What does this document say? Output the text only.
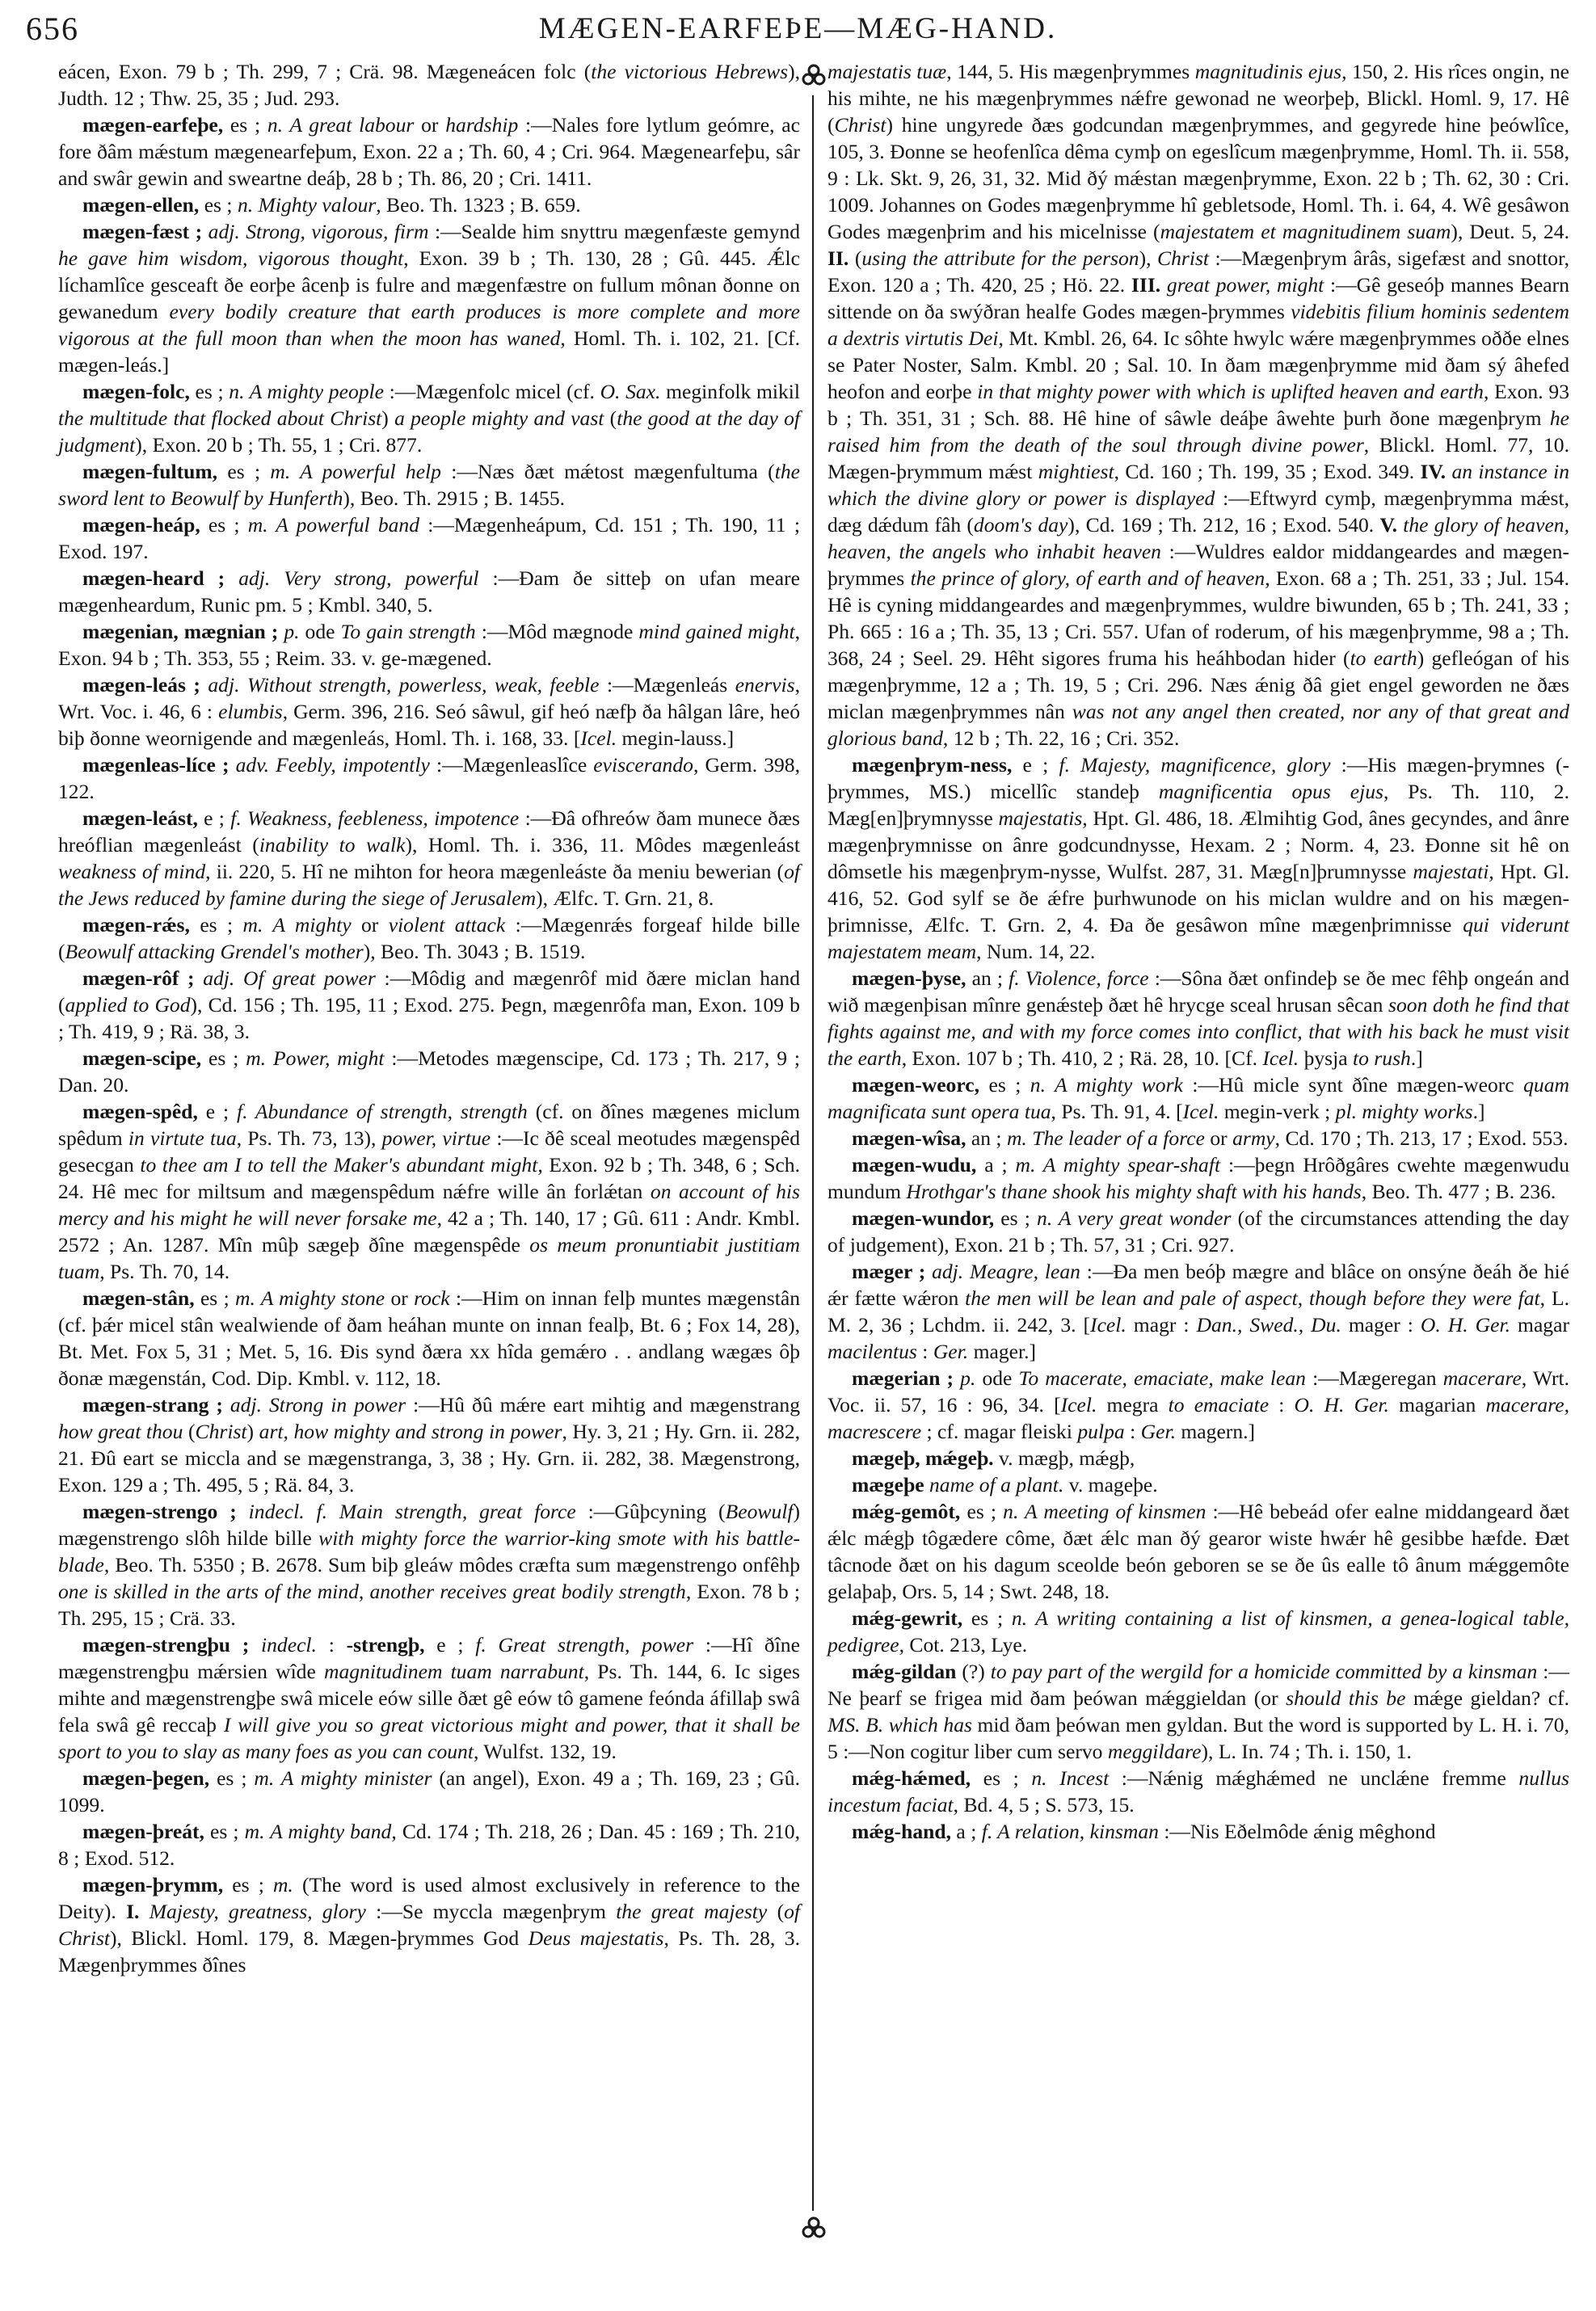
656	MÆGEN-EARFEÞE—MÆG-HAND.

eácen, Exon. 79 b ; Th. 299, 7 ; Crä. 98. Mægeneácen folc (the victorious Hebrews), Judth. 12 ; Thw. 25, 35 ; Jud. 293.

mægen-earfeþe, es ; n. A great labour or hardship :—Nales fore lytlum geómre, ac fore ðâm mǽstum mægenearfeþum, Exon. 22 a ; Th. 60, 4 ; Cri. 964. Mægenearfeþu, sâr and swâr gewin and sweartne deáþ, 28 b ; Th. 86, 20 ; Cri. 1411.

mægen-ellen, es ; n. Mighty valour, Beo. Th. 1323 ; B. 659.

mægen-fæst ; adj. Strong, vigorous, firm :—Sealde him snyttru mægenfæste gemynd he gave him wisdom, vigorous thought, Exon. 39 b ; Th. 130, 28 ; Gû. 445. Ǽlc líchamlîce gesceaft ðe eorþe âcenþ is fulre and mægenfæstre on fullum mônan ðonne on gewanedum every bodily creature that earth produces is more complete and more vigorous at the full moon than when the moon has waned, Homl. Th. i. 102, 21. [Cf. mægen-leás.]

mægen-folc, es ; n. A mighty people :—Mægenfolc micel (cf. O. Sax. meginfolk mikil the multitude that flocked about Christ) a people mighty and vast (the good at the day of judgment), Exon. 20 b ; Th. 55, 1 ; Cri. 877.

mægen-fultum, es ; m. A powerful help :—Næs ðæt mǽtost mægenfultuma (the sword lent to Beowulf by Hunferth), Beo. Th. 2915 ; B. 1455.

mægen-heáp, es ; m. A powerful band :—Mægenheápum, Cd. 151 ; Th. 190, 11 ; Exod. 197.

mægen-heard ; adj. Very strong, powerful :—Ðam ðe sitteþ on ufan meare mægenheardum, Runic pm. 5 ; Kmbl. 340, 5.

mægenian, mægnian ; p. ode To gain strength :—Môd mægnode mind gained might, Exon. 94 b ; Th. 353, 55 ; Reim. 33. v. ge-mægened.

mægen-leás ; adj. Without strength, powerless, weak, feeble :—Mægenleás enervis, Wrt. Voc. i. 46, 6 : elumbis, Germ. 396, 216. Seó sâwul, gif heó næfþ ða hâlgan lâre, heó biþ ðonne weornigende and mægenleás, Homl. Th. i. 168, 33. [Icel. megin-lauss.]

mægenleas-líce ; adv. Feebly, impotently :—Mægenleaslîce eviscerando, Germ. 398, 122.

mægen-leást, e ; f. Weakness, feebleness, impotence :—Ðâ ofhreów ðam munece ðæs hreóflian mægenleást (inability to walk), Homl. Th. i. 336, 11. Môdes mægenleást weakness of mind, ii. 220, 5. Hî ne mihton for heora mægenleáste ða meniu bewerian (of the Jews reduced by famine during the siege of Jerusalem), Ælfc. T. Grn. 21, 8.

mægen-rǽs, es ; m. A mighty or violent attack :—Mægenrǽs forgeaf hilde bille (Beowulf attacking Grendel's mother), Beo. Th. 3043 ; B. 1519.

mægen-rôf ; adj. Of great power :—Môdig and mægenrôf mid ðære miclan hand (applied to God), Cd. 156 ; Th. 195, 11 ; Exod. 275. Þegn, mægenrôfa man, Exon. 109 b ; Th. 419, 9 ; Rä. 38, 3.

mægen-scipe, es ; m. Power, might :—Metodes mægenscipe, Cd. 173 ; Th. 217, 9 ; Dan. 20.

mægen-spêd, e ; f. Abundance of strength, strength (cf. on ðînes mægenes miclum spêdum in virtute tua, Ps. Th. 73, 13), power, virtue :—Ic ðê sceal meotudes mægenspêd gesecgan to thee am I to tell the Maker's abundant might, Exon. 92 b ; Th. 348, 6 ; Sch. 24. Hê mec for miltsum and mægenspêdum nǽfre wille ân forlǽtan on account of his mercy and his might he will never forsake me, 42 a ; Th. 140, 17 ; Gû. 611 : Andr. Kmbl. 2572 ; An. 1287. Mîn mûþ sægeþ ðîne mægenspêde os meum pronuntiabit justitiam tuam, Ps. Th. 70, 14.

mægen-stân, es ; m. A mighty stone or rock :—Him on innan felþ muntes mægenstân (cf. þǽr micel stân wealwiende of ðam heáhan munte on innan fealþ, Bt. 6 ; Fox 14, 28), Bt. Met. Fox 5, 31 ; Met. 5, 16. Ðis synd ðæra xx hîda gemǽro . . andlang wægæs ôþ ðonæ mægenstán, Cod. Dip. Kmbl. v. 112, 18.

mægen-strang ; adj. Strong in power :—Hû ðû mǽre eart mihtig and mægenstrang how great thou (Christ) art, how mighty and strong in power, Hy. 3, 21 ; Hy. Grn. ii. 282, 21. Ðû eart se miccla and se mægenstranga, 3, 38 ; Hy. Grn. ii. 282, 38. Mægenstrong, Exon. 129 a ; Th. 495, 5 ; Rä. 84, 3.

mægen-strengo ; indecl. f. Main strength, great force :—Gûþcyning (Beowulf) mægenstrengo slôh hilde bille with mighty force the warrior-king smote with his battle-blade, Beo. Th. 5350 ; B. 2678. Sum biþ gleáw môdes cræfta sum mægenstrengo onfêhþ one is skilled in the arts of the mind, another receives great bodily strength, Exon. 78 b ; Th. 295, 15 ; Crä. 33.

mægen-strengþu ; indecl. : -strengþ, e ; f. Great strength, power :—Hî ðîne mægenstrengþu mǽrsien wîde magnitudinem tuam narrabunt, Ps. Th. 144, 6. Ic siges mihte and mægenstrengþe swâ micele eów sille ðæt gê eów tô gamene feónda áfillaþ swâ fela swâ gê reccaþ I will give you so great victorious might and power, that it shall be sport to you to slay as many foes as you can count, Wulfst. 132, 19.

mægen-þegen, es ; m. A mighty minister (an angel), Exon. 49 a ; Th. 169, 23 ; Gû. 1099.

mægen-þreát, es ; m. A mighty band, Cd. 174 ; Th. 218, 26 ; Dan. 45 : 169 ; Th. 210, 8 ; Exod. 512.

mægen-þrymm, es ; m. (The word is used almost exclusively in reference to the Deity). I. Majesty, greatness, glory :—Se myccla mægenþrym the great majesty (of Christ), Blickl. Homl. 179, 8. Mægen-þrymmes God Deus majestatis, Ps. Th. 28, 3. Mægenþrymmes ðînes

majestatis tuæ, 144, 5. His mægenþrymmes magnitudinis ejus, 150, 2. His rîces ongin, ne his mihte, ne his mægenþrymmes nǽfre gewonad ne weorþeþ, Blickl. Homl. 9, 17. Hê (Christ) hine ungyrede ðæs godcundan mægenþrymmes, and gegyrede hine þeówlîce, 105, 3. Ðonne se heofenlîca dêma cymþ on egeslîcum mægenþrymme, Homl. Th. ii. 558, 9 : Lk. Skt. 9, 26, 31, 32. Mid ðý mǽstan mægenþrymme, Exon. 22 b ; Th. 62, 30 : Cri. 1009. Johannes on Godes mægenþrymme hî gebletsode, Homl. Th. i. 64, 4. Wê gesâwon Godes mægenþrim and his micelnisse (majestatem et magnitudinem suam), Deut. 5, 24. II. (using the attribute for the person), Christ :—Mægenþrym ârâs, sigefæst and snottor, Exon. 120 a ; Th. 420, 25 ; Hö. 22. III. great power, might :—Gê geseóþ mannes Bearn sittende on ða swýðran healfe Godes mægen-þrymmes videbitis filium hominis sedentem a dextris virtutis Dei, Mt. Kmbl. 26, 64. Ic sôhte hwylc wǽre mægenþrymmes oððe elnes se Pater Noster, Salm. Kmbl. 20 ; Sal. 10. In ðam mægenþrymme mid ðam sý âhefed heofon and eorþe in that mighty power with which is uplifted heaven and earth, Exon. 93 b ; Th. 351, 31 ; Sch. 88. Hê hine of sâwle deáþe âwehte þurh ðone mægenþrym he raised him from the death of the soul through divine power, Blickl. Homl. 77, 10. Mægen-þrymmum mǽst mightiest, Cd. 160 ; Th. 199, 35 ; Exod. 349. IV. an instance in which the divine glory or power is displayed :—Eftwyrd cymþ, mægenþrymma mǽst, dæg dǽdum fâh (doom's day), Cd. 169 ; Th. 212, 16 ; Exod. 540. V. the glory of heaven, heaven, the angels who inhabit heaven :—Wuldres ealdor middangeardes and mægen-þrymmes the prince of glory, of earth and of heaven, Exon. 68 a ; Th. 251, 33 ; Jul. 154. Hê is cyning middangeardes and mægenþrymmes, wuldre biwunden, 65 b ; Th. 241, 33 ; Ph. 665 : 16 a ; Th. 35, 13 ; Cri. 557. Ufan of roderum, of his mægenþrymme, 98 a ; Th. 368, 24 ; Seel. 29. Hêht sigores fruma his heáhbodan hider (to earth) gefleógan of his mægenþrymme, 12 a ; Th. 19, 5 ; Cri. 296. Næs ǽnig ðâ giet engel geworden ne ðæs miclan mægenþrymmes nân was not any angel then created, nor any of that great and glorious band, 12 b ; Th. 22, 16 ; Cri. 352.

mægenþrym-ness, e ; f. Majesty, magnificence, glory :—His mægen-þrymnes (-þrymmes, MS.) micellîc standeþ magnificentia opus ejus, Ps. Th. 110, 2. Mæg[en]þrymnysse majestatis, Hpt. Gl. 486, 18. Ælmihtig God, ânes gecyndes, and ânre mægenþrymnisse on ânre godcundnysse, Hexam. 2 ; Norm. 4, 23. Ðonne sit hê on dômsetle his mægenþrym-nysse, Wulfst. 287, 31. Mæg[n]þrumnysse majestati, Hpt. Gl. 416, 52. God sylf se ðe ǽfre þurhwunode on his miclan wuldre and on his mægen-þrimnisse, Ælfc. T. Grn. 2, 4. Ða ðe gesâwon mîne mægenþrimnisse qui viderunt majestatem meam, Num. 14, 22.

mægen-þyse, an ; f. Violence, force :—Sôna ðæt onfindeþ se ðe mec fêhþ ongeán and wið mægenþisan mînre genǽsteþ ðæt hê hrycge sceal hrusan sêcan soon doth he find that fights against me, and with my force comes into conflict, that with his back he must visit the earth, Exon. 107 b ; Th. 410, 2 ; Rä. 28, 10. [Cf. Icel. þysja to rush.]

mægen-weorc, es ; n. A mighty work :—Hû micle synt ðîne mægen-weorc quam magnificata sunt opera tua, Ps. Th. 91, 4. [Icel. megin-verk ; pl. mighty works.]

mægen-wîsa, an ; m. The leader of a force or army, Cd. 170 ; Th. 213, 17 ; Exod. 553.

mægen-wudu, a ; m. A mighty spear-shaft :—þegn Hrôðgâres cwehte mægenwudu mundum Hrothgar's thane shook his mighty shaft with his hands, Beo. Th. 477 ; B. 236.

mægen-wundor, es ; n. A very great wonder (of the circumstances attending the day of judgement), Exon. 21 b ; Th. 57, 31 ; Cri. 927.

mæger ; adj. Meagre, lean :—Ða men beóþ mægre and blâce on onsýne ðeáh ðe hié ǽr fætte wǽron the men will be lean and pale of aspect, though before they were fat, L. M. 2, 36 ; Lchdm. ii. 242, 3. [Icel. magr : Dan., Swed., Du. mager : O. H. Ger. magar macilentus : Ger. mager.]

mægerian ; p. ode To macerate, emaciate, make lean :—Mægeregan macerare, Wrt. Voc. ii. 57, 16 : 96, 34. [Icel. megra to emaciate : O. H. Ger. magarian macerare, macrescere ; cf. magar fleiski pulpa : Ger. magern.]

mægeþ, mǽgeþ. v. mægþ, mǽgþ,

mægeþe name of a plant. v. mageþe.

mǽg-gemôt, es ; n. A meeting of kinsmen :—Hê bebeád ofer ealne middangeard ðæt ǽlc mǽgþ tôgædere côme, ðæt ǽlc man ðý gearor wiste hwǽr hê gesibbe hæfde. Ðæt tâcnode ðæt on his dagum sceolde beón geboren se se ðe ûs ealle tô ânum mǽggemôte gelaþaþ, Ors. 5, 14 ; Swt. 248, 18.

mǽg-gewrit, es ; n. A writing containing a list of kinsmen, a genea-logical table, pedigree, Cot. 213, Lye.

mǽg-gildan (?) to pay part of the wergild for a homicide committed by a kinsman :—Ne þearf se frigea mid ðam þeówan mǽggieldan (or should this be mǽge gieldan? cf. MS. B. which has mid ðam þeówan men gyldan. But the word is supported by L. H. i. 70, 5 :—Non cogitur liber cum servo meggildare), L. In. 74 ; Th. i. 150, 1.

mǽg-hǽmed, es ; n. Incest :—Nǽnig mǽghǽmed ne unclǽne fremme nullus incestum faciat, Bd. 4, 5 ; S. 573, 15.

mǽg-hand, a ; f. A relation, kinsman :—Nis Eðelmôde ǽnig mêghond
